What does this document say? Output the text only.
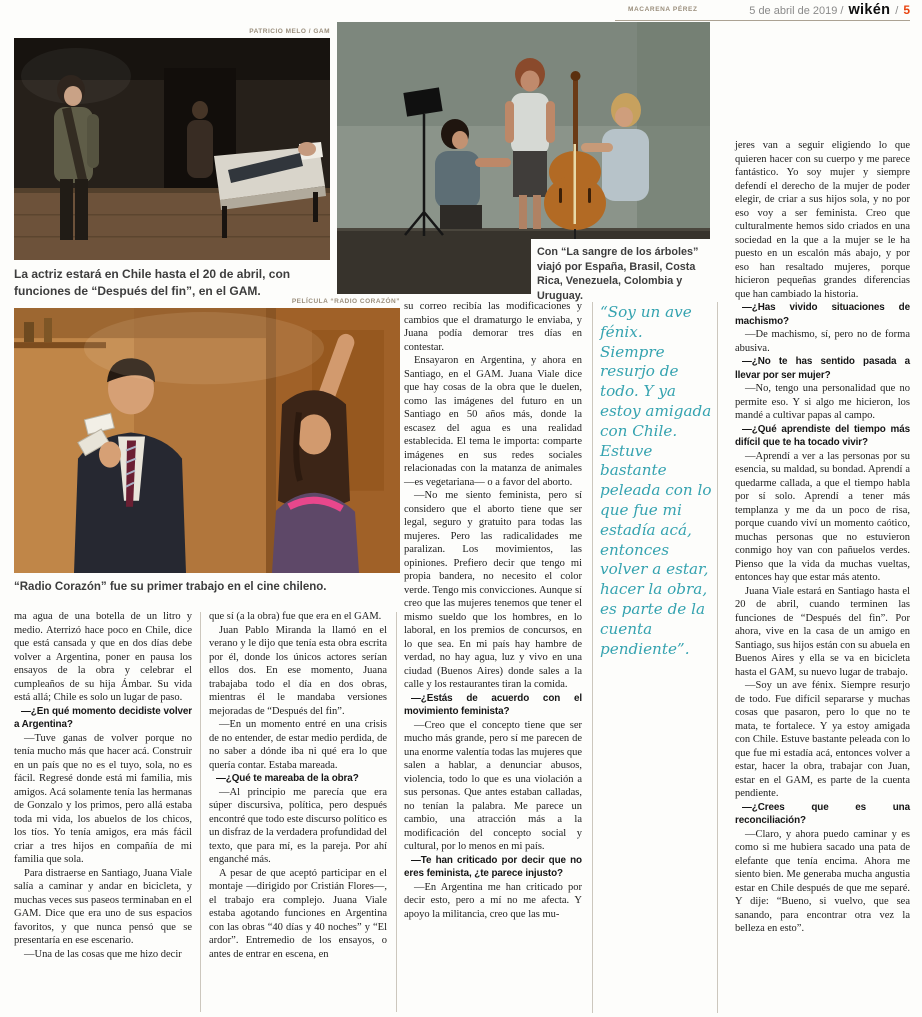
MACARENA PÉREZ	5 de abril de 2019 / wikén / 5
PATRICIO MELO / GAM
La actriz estará en Chile hasta el 20 de abril, con funciones de “Después del fin”, en el GAM.
Con “La sangre de los árboles” viajó por España, Brasil, Costa Rica, Venezuela, Colombia y Uruguay.
PELÍCULA “RADIO CORAZÓN”
“Radio Corazón” fue su primer trabajo en el cine chileno.

ma agua de una botella de un litro y medio. Aterrizó hace poco en Chile, dice que está cansada y que en dos días debe volver a Argentina, poner en pausa los ensayos de la obra y celebrar el cumpleaños de su hija Ámbar. Su vida está allá; Chile es solo un lugar de paso.

—¿En qué momento decidiste volver a Argentina?

—Tuve ganas de volver porque no tenía mucho más que hacer acá. Construir en un país que no es el tuyo, sola, no es fácil. Regresé donde está mi familia, mis amigos. Acá solamente tenía las hermanas de Gonzalo y los primos, pero allá estaba toda mi vida, los abuelos de los chicos, los tíos. Yo tenía amigos, era más fácil criar a tres hijos en compañía de mi familia que sola.

Para distraerse en Santiago, Juana Viale salía a caminar y andar en bicicleta, y muchas veces sus paseos terminaban en el GAM. Dice que era uno de sus espacios favoritos, y que nunca pensó que se presentaría en ese escenario.

—Una de las cosas que me hizo decir

que sí (a la obra) fue que era en el GAM.

Juan Pablo Miranda la llamó en el verano y le dijo que tenía esta obra escrita por él, donde los únicos actores serían ellos dos. En ese momento, Juana trabajaba todo el día en dos obras, mientras él le mandaba versiones mejoradas de “Después del fin”.

—En un momento entré en una crisis de no entender, de estar medio perdida, de no saber a dónde iba ni qué era lo que quería contar. Estaba mareada.

—¿Qué te mareaba de la obra?

—Al principio me parecía que era súper discursiva, política, pero después encontré que todo este discurso político es un disfraz de la verdadera profundidad del texto, que para mí, es la pareja. Por ahí enganché más.

A pesar de que aceptó participar en el montaje —dirigido por Cristián Flores—, el trabajo era complejo. Juana Viale estaba agotando funciones en Argentina con las obras “40 días y 40 noches” y “El ardor”. Entremedio de los ensayos, o antes de entrar en escena, en

su correo recibía las modificaciones y cambios que el dramaturgo le enviaba, y Juana podía demorar tres días en contestar.

Ensayaron en Argentina, y ahora en Santiago, en el GAM. Juana Viale dice que hay cosas de la obra que le duelen, como las imágenes del futuro en un Santiago en 50 años más, donde la escasez del agua es una realidad establecida. El tema le importa: comparte imágenes en sus redes sociales relacionadas con la matanza de animales —es vegetariana— o a favor del aborto.

—No me siento feminista, pero sí considero que el aborto tiene que ser legal, seguro y gratuito para todas las mujeres. Pero las radicalidades me paralizan. Los movimientos, las opiniones. Prefiero decir que tengo mi propia bandera, no necesito el color verde. Tengo mis convicciones. Aunque sí creo que las mujeres tenemos que tener el mismo sueldo que los hombres, en lo laboral, en los premios de concursos, en lo que sea. En mi país hay hambre de verdad, no hay agua, luz y vivo en una ciudad (Buenos Aires) donde sales a la calle y los restaurantes tiran la comida.

—¿Estás de acuerdo con el movimiento feminista?

—Creo que el concepto tiene que ser mucho más grande, pero sí me parecen de una enorme valentía todas las mujeres que salen a hablar, a denunciar abusos, violencia, todo lo que es una violación a sus personas. Que antes estaban calladas, no tenían la palabra. Me parece un cambio, una atracción más a la modificación del concepto social y cultural, por lo menos en mi país.

—Te han criticado por decir que no eres feminista, ¿te parece injusto?

—En Argentina me han criticado por decir esto, pero a mí no me afecta. Y apoyo la militancia, creo que las mu-

“Soy un ave fénix. Siempre resurjo de todo. Y ya estoy amigada con Chile. Estuve bastante peleada con lo que fue mi estadía acá, entonces volver a estar, hacer la obra, es parte de la cuenta pendiente”.

jeres van a seguir eligiendo lo que quieren hacer con su cuerpo y me parece fantástico. Yo soy mujer y siempre defendí el derecho de la mujer de poder elegir, de criar a sus hijos sola, y no por eso voy a ser feminista. Creo que culturalmente hemos sido criados en una sociedad en la que a la mujer se le ha puesto en un escalón más abajo, y por eso han resaltado mujeres, porque hicieron pequeñas grandes diferencias que han cambiado la historia.

—¿Has vivido situaciones de machismo?

—De machismo, sí, pero no de forma abusiva.

—¿No te has sentido pasada a llevar por ser mujer?

—No, tengo una personalidad que no permite eso. Y si algo me hicieron, los mandé a cultivar papas al campo.

—¿Qué aprendiste del tiempo más difícil que te ha tocado vivir?

—Aprendí a ver a las personas por su esencia, su maldad, su bondad. Aprendí a quedarme callada, a que el tiempo habla por sí solo. Aprendí a tener más templanza y me da un poco de risa, porque cuando viví un momento caótico, muchas personas que no estuvieron conmigo hoy van con pañuelos verdes. Pienso que la vida da muchas vueltas, entonces hay que estar más atento.

Juana Viale estará en Santiago hasta el 20 de abril, cuando terminen las funciones de “Después del fin”. Por ahora, vive en la casa de un amigo en Santiago, sus hijos están con su abuela en Buenos Aires y ella se va en bicicleta hasta el GAM, su nuevo lugar de trabajo.

—Soy un ave fénix. Siempre resurjo de todo. Fue difícil separarse y muchas cosas que pasaron, pero lo que no te mata, te fortalece. Y ya estoy amigada con Chile. Estuve bastante peleada con lo que fue mi estadía acá, entonces volver a estar, hacer la obra, trabajar con Juan, estar en el GAM, es parte de la cuenta pendiente.

—¿Crees que es una reconciliación?

—Claro, y ahora puedo caminar y es como si me hubiera sacado una pata de elefante que tenía encima. Ahora me siento bien. Me generaba mucha angustia estar en Chile después de que me separé. Y dije: “Bueno, si vuelvo, que sea sanando, para encontrar otra vez la belleza en esto”.
